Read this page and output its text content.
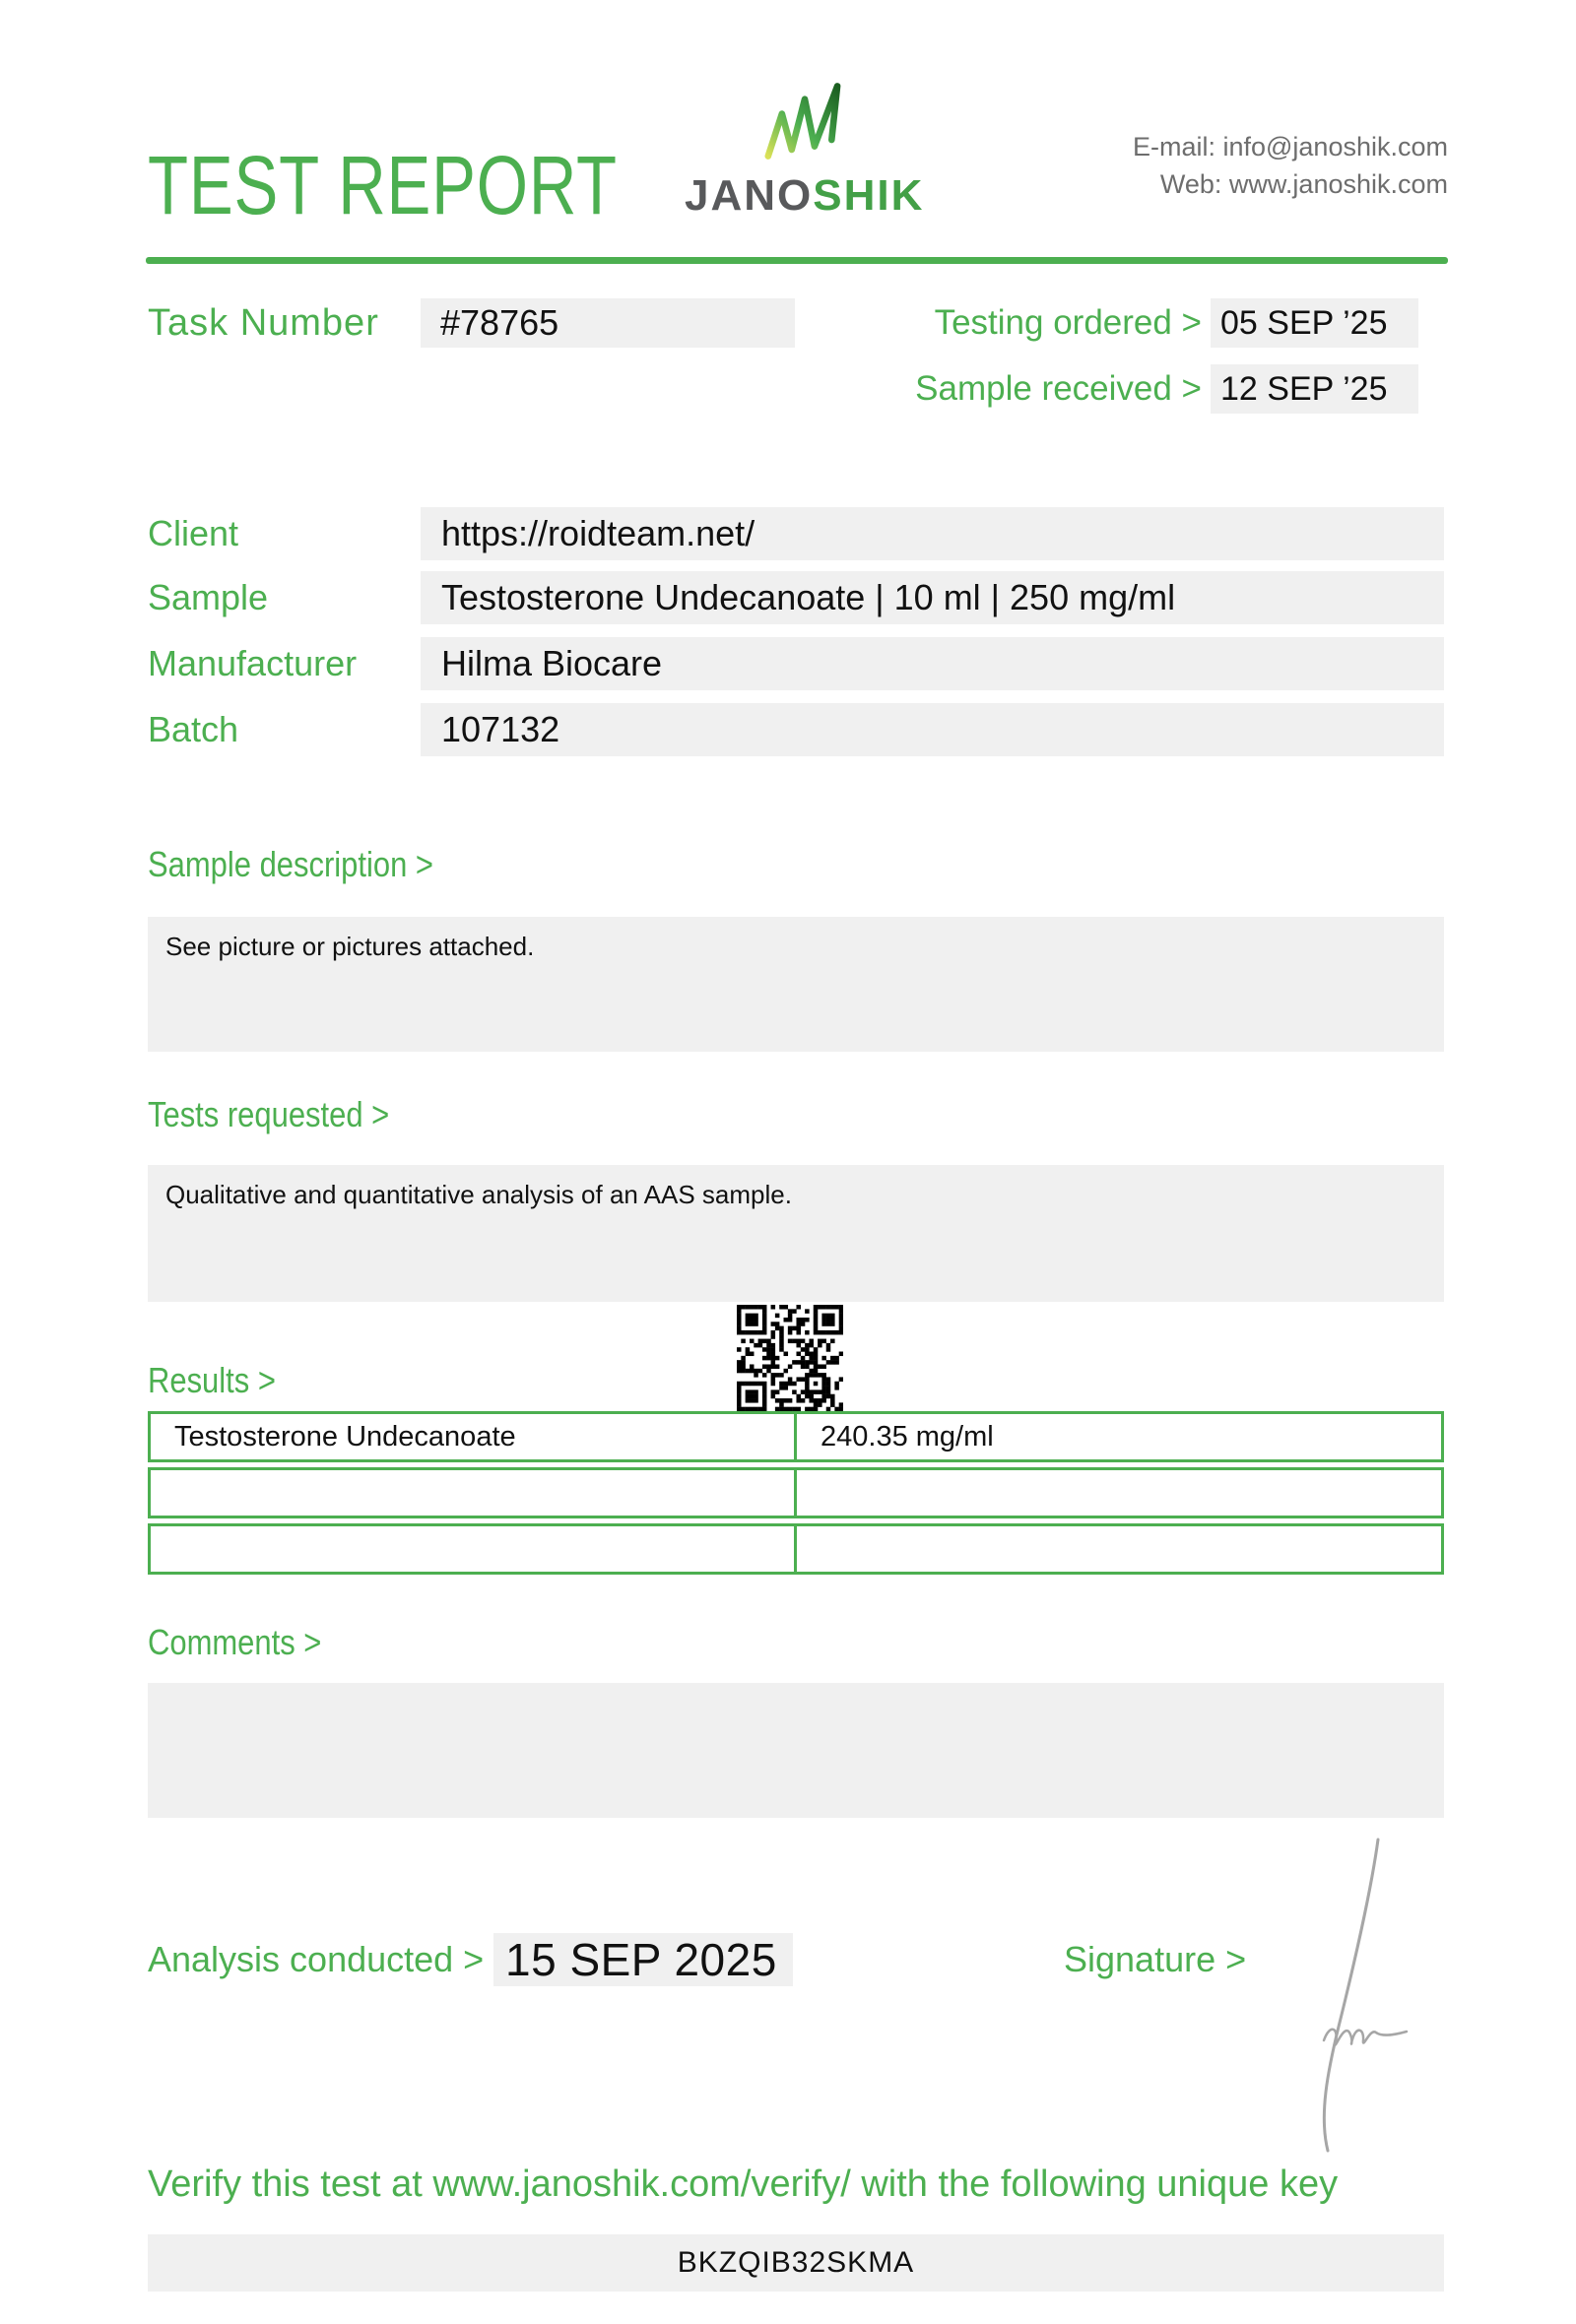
TEST REPORT JANOSHIK
E-mail: info@janoshik.com
Web: www.janoshik.com
Task Number	#78765	Testing ordered > 05 SEP ’25
Sample received > 12 SEP ’25
Client	https://roidteam.net/
Sample	Testosterone Undecanoate | 10 ml | 250 mg/ml
Manufacturer	Hilma Biocare
Batch	107132
Sample description >
See picture or pictures attached.
Tests requested >
Qualitative and quantitative analysis of an AAS sample.
Results >
Testosterone Undecanoate	240.35 mg/ml
Comments >
Analysis conducted > 15 SEP 2025	Signature >
Verify this test at www.janoshik.com/verify/ with the following unique key
BKZQIB32SKMA
